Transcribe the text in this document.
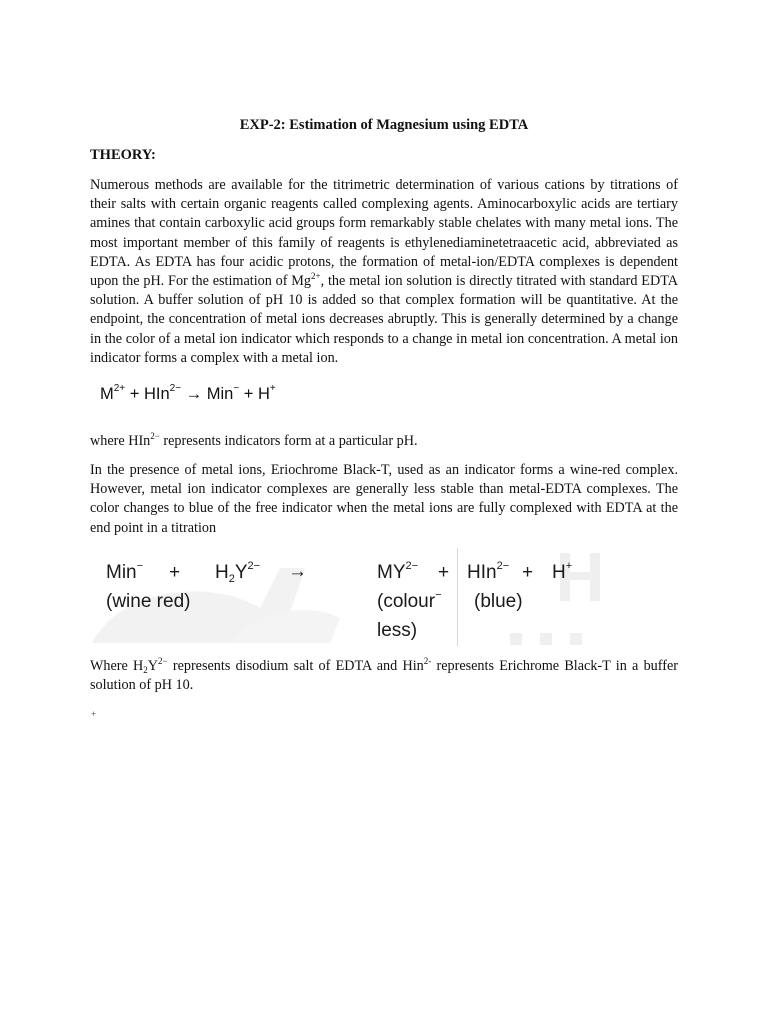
EXP-2: Estimation of Magnesium using EDTA
THEORY:

Numerous methods are available for the titrimetric determination of various cations by titrations of their salts with certain organic reagents called complexing agents. Aminocarboxylic acids are tertiary amines that contain carboxylic acid groups form remarkably stable chelates with many metal ions. The most important member of this family of reagents is ethylenediaminetetraacetic acid, abbreviated as EDTA. As EDTA has four acidic protons, the formation of metal-ion/EDTA complexes is dependent upon the pH. For the estimation of $Mg^{2+}$, the metal ion solution is directly titrated with standard EDTA solution. A buffer solution of pH 10 is added so that complex formation will be quantitative. At the endpoint, the concentration of metal ions decreases abruptly. This is generally determined by a change in the color of a metal ion indicator which responds to a change in metal ion concentration. A metal ion indicator forms a complex with a metal ion.

$M^{2+} + HIn^{2-} \to Min^- + H^+$

where HIn$^{2-}$ represents indicators form at a particular pH.

In the presence of metal ions, Eriochrome Black-T, used as an indicator forms a wine-red complex. However, metal ion indicator complexes are generally less stable than metal-EDTA complexes. The color changes to blue of the free indicator when the metal ions are fully complexed with EDTA at the end point in a titration

$Min^- + H_2Y^{2-}$ →	$MY^{2-} + HIn^{2-} + H^+$
(wine red)	(colour− (blue)
less)

Where $H_2Y^{2-}$ represents disodium salt of EDTA and Hin$^{2-}$ represents Erichrome Black-T in a buffer solution of pH 10.

+
